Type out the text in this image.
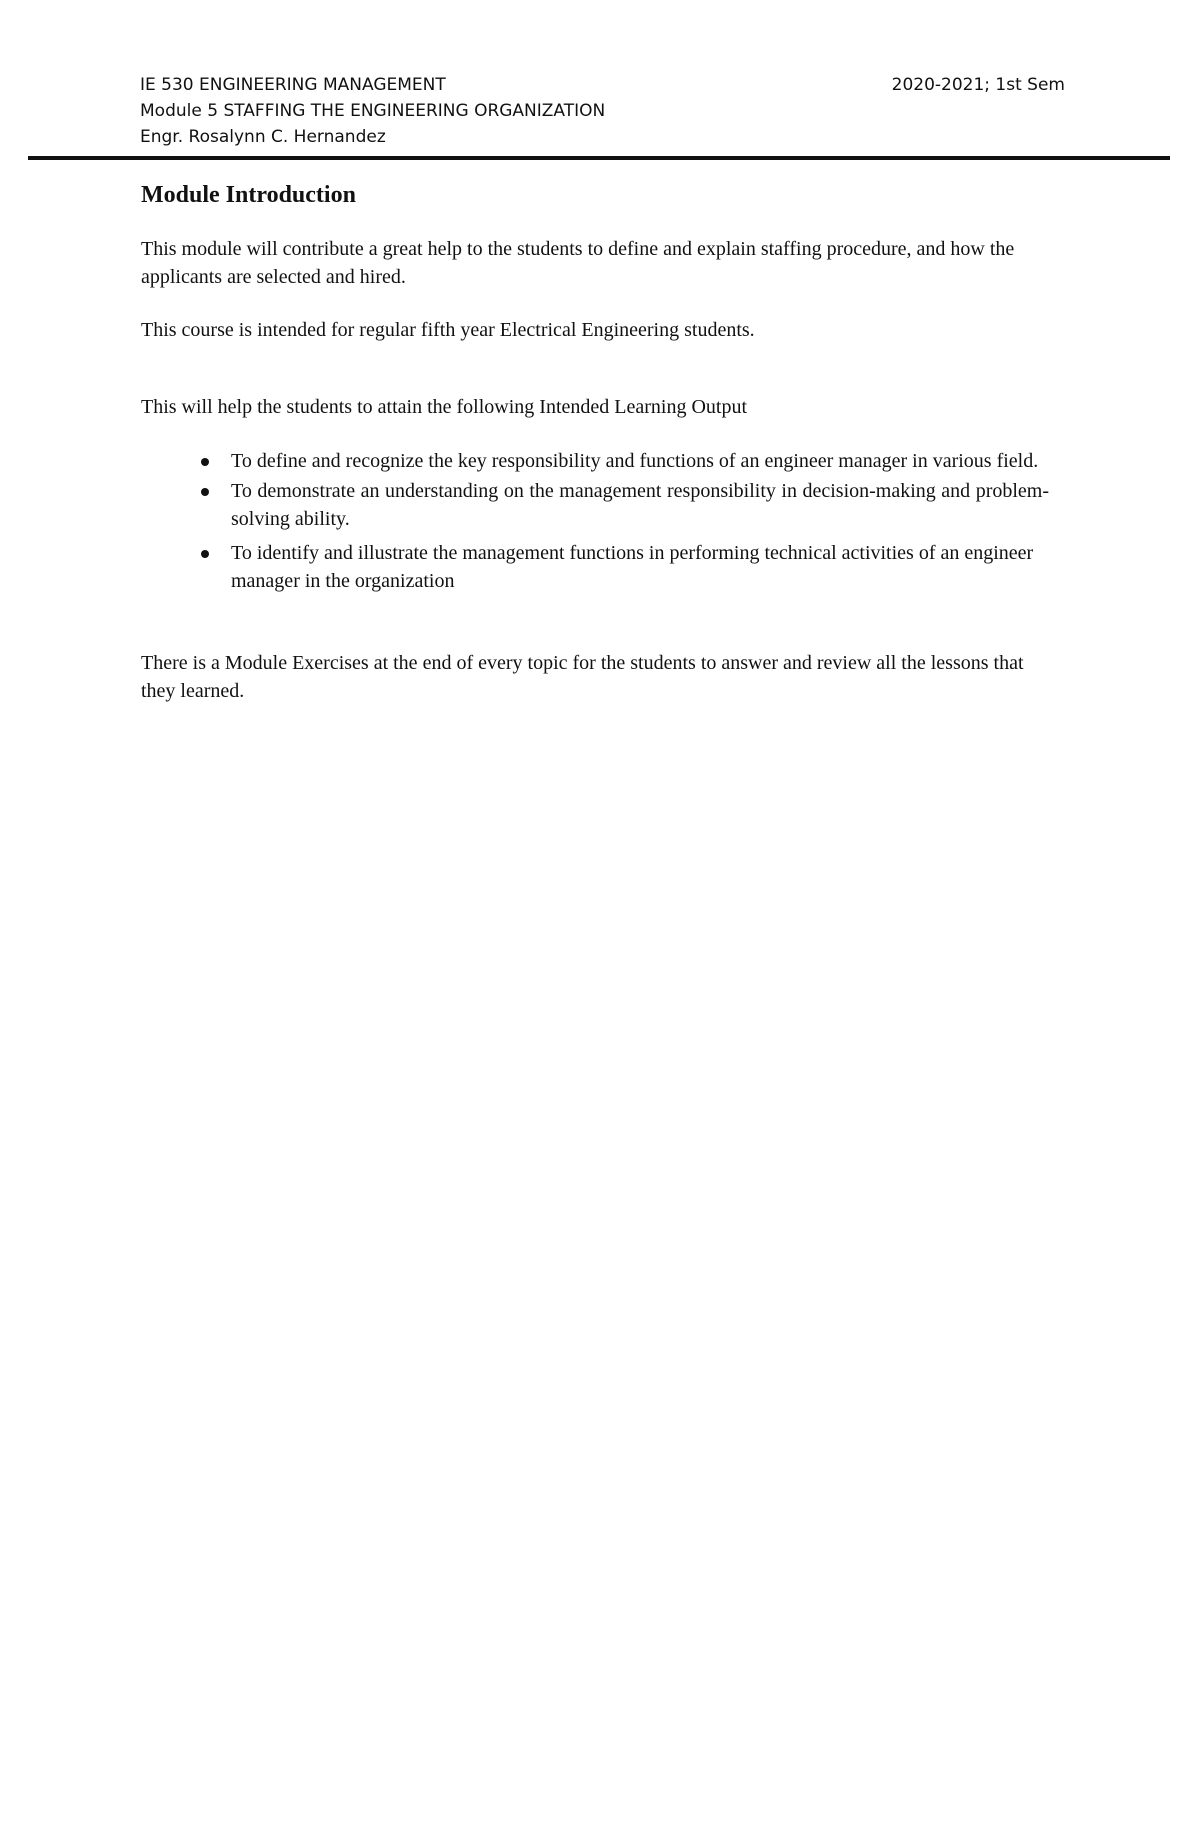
IE 530 ENGINEERING MANAGEMENT	2020-2021; 1st Sem
Module 5 STAFFING THE ENGINEERING ORGANIZATION
Engr. Rosalynn C. Hernandez
Module Introduction

This module will contribute a great help to the students to define and explain staffing procedure, and how the applicants are selected and hired.

This course is intended for regular fifth year Electrical Engineering students.

This will help the students to attain the following Intended Learning Output

To define and recognize the key responsibility and functions of an engineer manager in various field.
To demonstrate an understanding on the management responsibility in decision-making and problem-solving ability.
To identify and illustrate the management functions in performing technical activities of an engineer manager in the organization

There is a Module Exercises at the end of every topic for the students to answer and review all the lessons that they learned.
